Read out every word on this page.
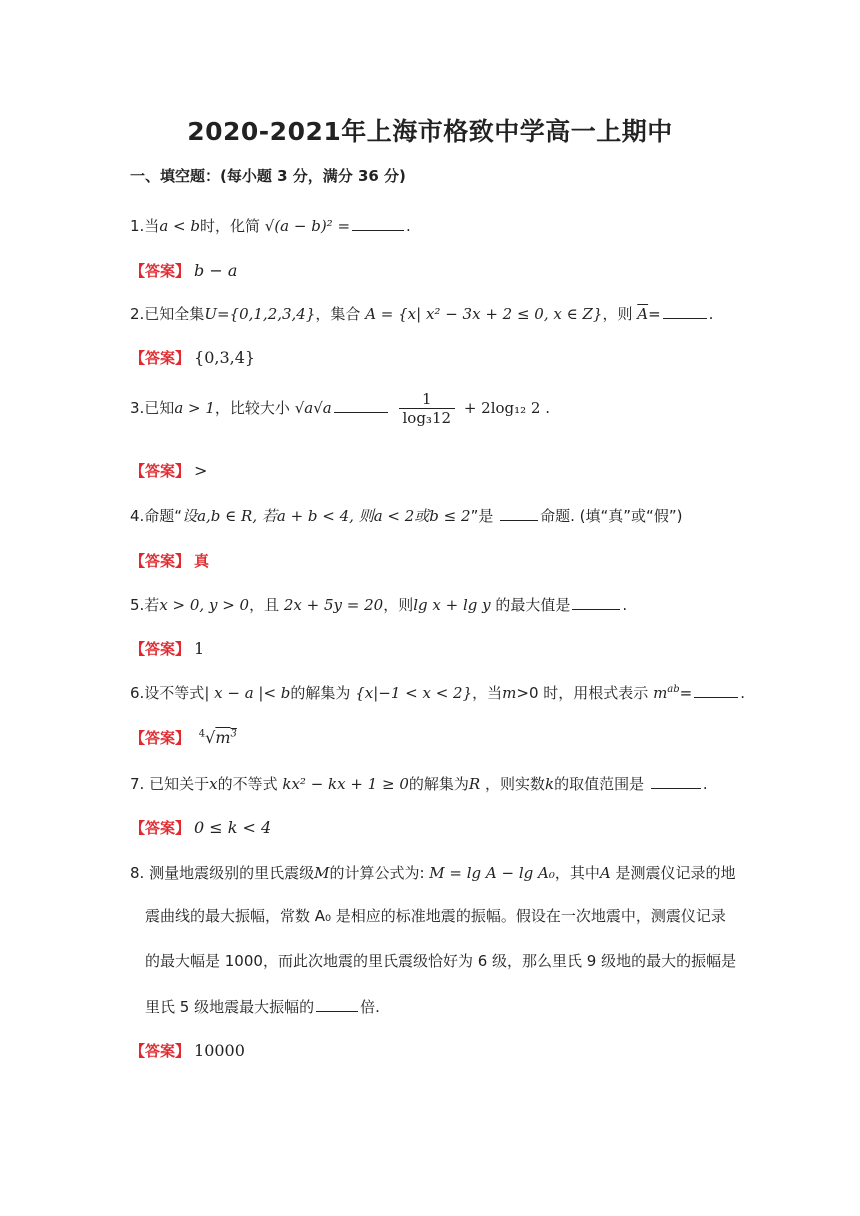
2020-2021年上海市格致中学高一上期中
一、填空题：(每小题 3 分，满分 36 分)
1.当a < b时，化简 √(a − b)² =	.
【答案】 b − a
2.已知全集U={0,1,2,3,4}，集合 A = {x| x² − 3x + 2 ≤ 0, x ∈ Z}，则 $\overline{A}=$	.
【答案】 {0,3,4}
3.已知a > 1，比较大小 √a√a	$\frac{1}{\text{log₃12}} + 2\log_{12}$ 2 .
【答案】 >
4.命题“设a,b ∈ R, 若a + b < 4, 则a < 2或b ≤ 2”是	命题. (填“真”或“假”)
【答案】 真
5.若x > 0, y > 0，且 2x + 5y = 20，则lg x + lg y 的最大值是	.
【答案】 1
6.设不等式| x − a |< b的解集为 {x|−1 < x < 2}，当m>0 时，用根式表示 $m^{ab}=$	.
【答案】 $^4√m^3$
7. 已知关于x的不等式 kx² − kx + 1 ≥ 0的解集为R ，则实数k的取值范围是	.
【答案】 0 ≤ k < 4
8. 测量地震级别的里氏震级M的计算公式为: M = lg A − lg A₀，其中A 是测震仪记录的地
震曲线的最大振幅，常数 A₀ 是相应的标准地震的振幅。假设在一次地震中，测震仪记录
的最大幅是 1000，而此次地震的里氏震级恰好为 6 级，那么里氏 9 级地的最大的振幅是
里氏 5 级地震最大振幅的	倍.
【答案】 10000
